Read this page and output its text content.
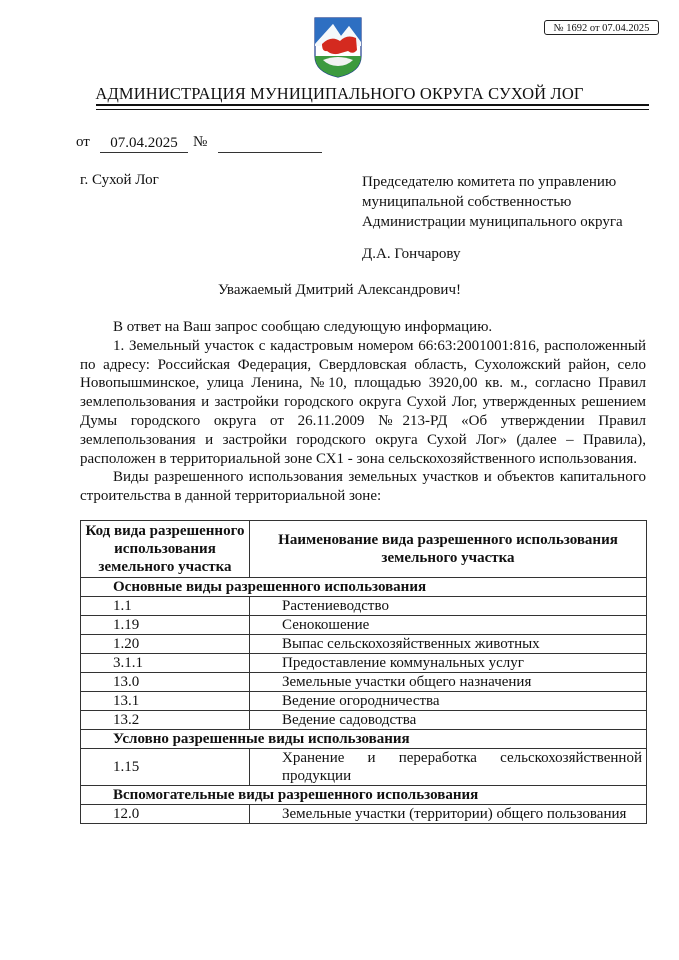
№ 1692 от 07.04.2025
АДМИНИСТРАЦИЯ МУНИЦИПАЛЬНОГО ОКРУГА СУХОЙ ЛОГ
от	07.04.2025	№
г. Сухой Лог	Председателю комитета по управлению
муниципальной собственностью
Администрации муниципального округа
Д.А. Гончарову
Уважаемый Дмитрий Александрович!

В ответ на Ваш запрос сообщаю следующую информацию.

1. Земельный участок с кадастровым номером 66:63:2001001:816, расположенный по адресу: Российская Федерация, Свердловская область, Сухоложский район, село Новопышминское, улица Ленина, №10, площадью 3920,00 кв. м., согласно Правил землепользования и застройки городского округа Сухой Лог, утвержденных решением Думы городского округа от 26.11.2009 №213-РД «Об утверждении Правил землепользования и застройки городского округа Сухой Лог» (далее – Правила), расположен в территориальной зоне СХ1 - зона сельскохозяйственного использования.

Виды разрешенного использования земельных участков и объектов капитального строительства в данной территориальной зоне:

Код вида разрешенного использования земельного участка	Наименование вида разрешенного использования земельного участка
Основные виды разрешенного использования	
1.1	Растениеводство
1.19	Сенокошение
1.20	Выпас сельскохозяйственных животных
3.1.1	Предоставление коммунальных услуг
13.0	Земельные участки общего назначения
13.1	Ведение огородничества
13.2	Ведение садоводства
Условно разрешенные виды использования	
1.15	Хранение и переработка сельскохозяйственной продукции
Вспомогательные виды разрешенного использования	
12.0	Земельные участки (территории) общего пользования
